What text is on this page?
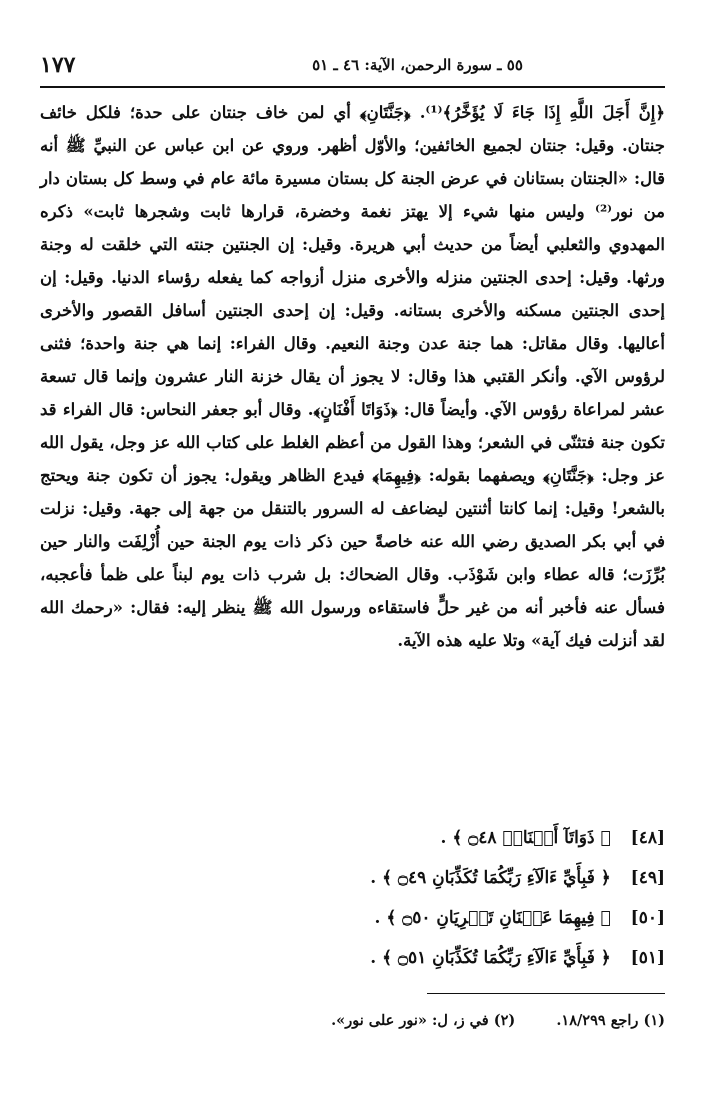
١٧٧	٥٥ ـ سورة الرحمن، الآية: ٤٦ ـ ٥١

﴿إِنَّ أَجَلَ اللَّهِ إِذَا جَاءَ لَا يُؤَخَّرُ﴾⁽¹⁾. ﴿جَنَّتَانِ﴾ أي لمن خاف جنتان على حدة؛ فلكل خائف جنتان. وقيل: جنتان لجميع الخائفين؛ والأوّل أظهر. وروي عن ابن عباس عن النبيِّ ﷺ أنه قال: «الجنتان بستانان في عرض الجنة كل بستان مسيرة مائة عام في وسط كل بستان دار من نور⁽²⁾ وليس منها شيء إلا يهتز نغمة وخضرة، قرارها ثابت وشجرها ثابت» ذكره المهدوي والثعلبي أيضاً من حديث أبي هريرة. وقيل: إن الجنتين جنته التي خلقت له وجنة ورثها. وقيل: إحدى الجنتين منزله والأخرى منزل أزواجه كما يفعله رؤساء الدنيا. وقيل: إن إحدى الجنتين مسكنه والأخرى بستانه. وقيل: إن إحدى الجنتين أسافل القصور والأخرى أعاليها. وقال مقاتل: هما جنة عدن وجنة النعيم. وقال الفراء: إنما هي جنة واحدة؛ فثنى لرؤوس الآي. وأنكر القتبي هذا وقال: لا يجوز أن يقال خزنة النار عشرون وإنما قال تسعة عشر لمراعاة رؤوس الآي. وأيضاً قال: ﴿ذَوَاتَا أَفْنَانٍ﴾. وقال أبو جعفر النحاس: قال الفراء قد تكون جنة فتثنّى في الشعر؛ وهذا القول من أعظم الغلط على كتاب الله عز وجل، يقول الله عز وجل: ﴿جَنَّتَانِ﴾ ويصفهما بقوله: ﴿فِيهِمَا﴾ فيدع الظاهر ويقول: يجوز أن تكون جنة ويحتج بالشعر! وقيل: إنما كانتا أثنتين ليضاعف له السرور بالتنقل من جهة إلى جهة. وقيل: نزلت في أبي بكر الصديق رضي الله عنه خاصةً حين ذكر ذات يوم الجنة حين أُزْلِفَت والنار حين بُرِّزَت؛ قاله عطاء وابن شَوْذَب. وقال الضحاك: بل شرب ذات يوم لبناً على ظمأ فأعجبه، فسأل عنه فأخبر أنه من غير حلٍّ فاستقاءه ورسول الله ﷺ ينظر إليه: فقال: «رحمك الله لقد أنزلت فيك آية» وتلا عليه هذه الآية.

[٤٨] ﴿ ذَوَاتَآ أَفۡنَانٖ ۝٤٨ ﴾ .
[٤٩] ﴿ فَبِأَيِّ ءَالَآءِ رَبِّكُمَا تُكَذِّبَانِ ۝٤٩ ﴾ .
[٥٠] ﴿ فِيهِمَا عَيۡنَانِ تَجۡرِيَانِ ۝٥٠ ﴾ .
[٥١] ﴿ فَبِأَيِّ ءَالَآءِ رَبِّكُمَا تُكَذِّبَانِ ۝٥١ ﴾ .
(١) راجع ١٨/٢٩٩. (٢) في ز، ل: «نور على نور».
